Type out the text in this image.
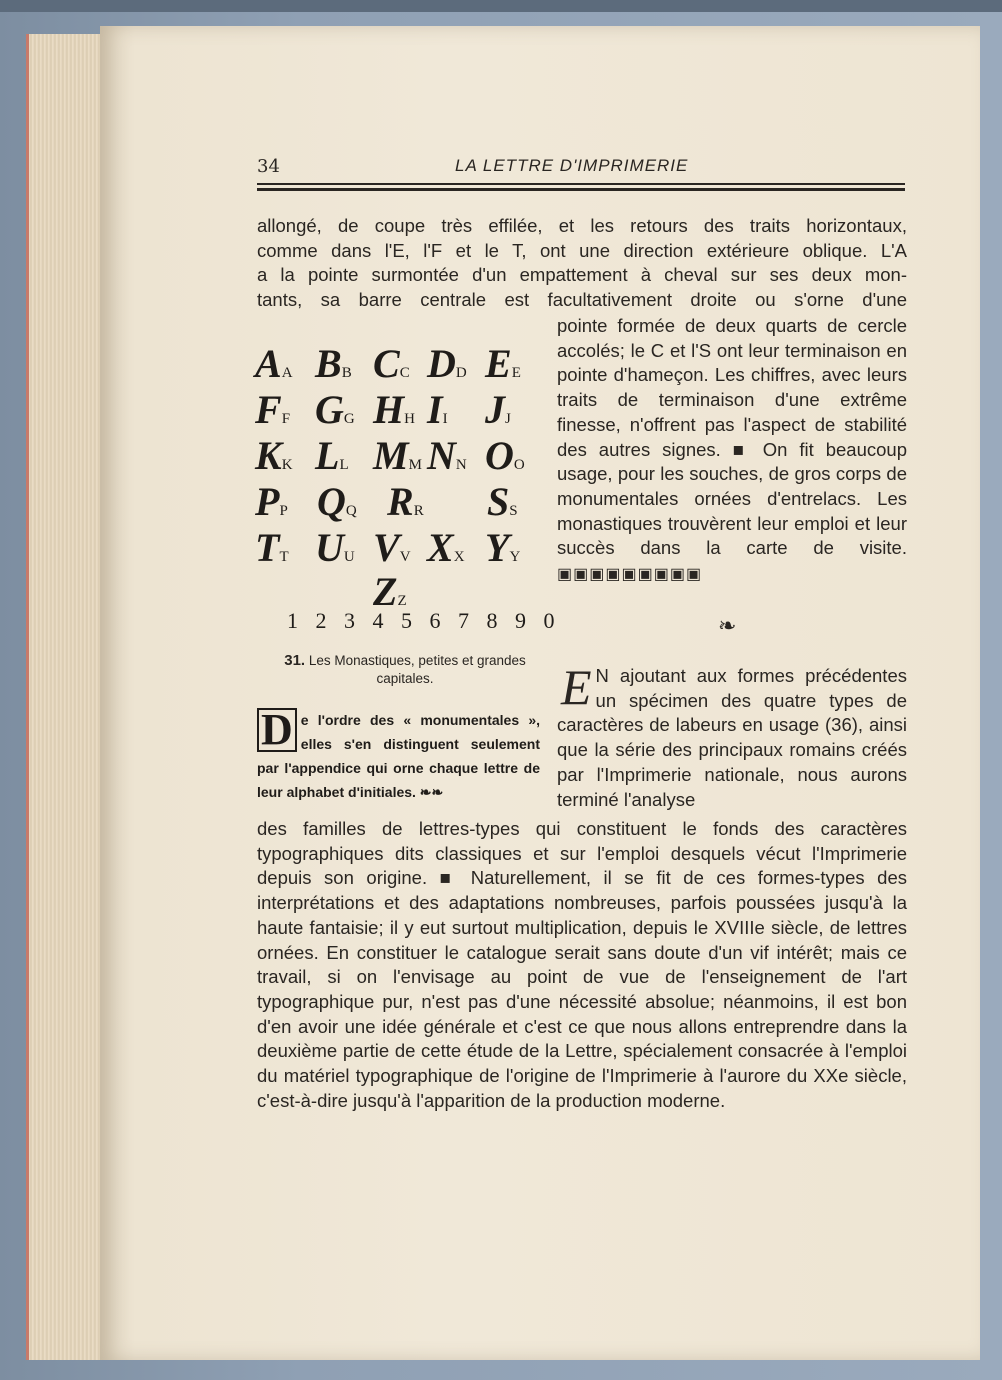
34	LA LETTRE D'IMPRIMERIE

allongé, de coupe très effilée, et les retours des traits horizontaux,

comme dans l'E, l'F et le T, ont une direction extérieure oblique. L'A

a la pointe surmontée d'un empattement à cheval sur ses deux mon-

tants, sa barre centrale est facultativement droite ou s'orne d'une

pointe formée de deux quarts de cercle accolés; le C et l'S ont leur terminaison en pointe d'hameçon. Les chiffres, avec leurs traits de terminaison d'une extrême finesse, n'offrent pas l'aspect de stabilité des autres signes. ■ On fit beaucoup usage, pour les souches, de gros corps de monumentales ornées d'entrelacs. Les monastiques trouvèrent leur emploi et leur succès dans la carte de visite. ▣▣▣▣▣▣▣▣▣

AA BB CC DD EE
FF GG HH II JJ
KK LL MM NN OO
PP QQ RR SS
TT UU VV XX YY
ZZ
1 2 3 4 5 6 7 8 9 0
31. Les Monastiques, petites et grandes capitales.
D e l'ordre des « monumentales », elles s'en distinguent seulement par l'appendice qui orne chaque lettre de leur alphabet d'initiales. ❧❧
❧
E N ajoutant aux formes précédentes un spécimen des quatre types de caractères de labeurs en usage (36), ainsi que la série des principaux romains créés par l'Imprimerie nationale, nous aurons terminé l'analyse

des familles de lettres-types qui constituent le fonds des caractères typographiques dits classiques et sur l'emploi desquels vécut l'Imprimerie depuis son origine. ■ Naturellement, il se fit de ces formes-types des interprétations et des adaptations nombreuses, parfois poussées jusqu'à la haute fantaisie; il y eut surtout multiplication, depuis le XVIIIe siècle, de lettres ornées. En constituer le catalogue serait sans doute d'un vif intérêt; mais ce travail, si on l'envisage au point de vue de l'enseignement de l'art typographique pur, n'est pas d'une nécessité absolue; néanmoins, il est bon d'en avoir une idée générale et c'est ce que nous allons entreprendre dans la deuxième partie de cette étude de la Lettre, spécialement consacrée à l'emploi du matériel typographique de l'origine de l'Imprimerie à l'aurore du XXe siècle, c'est-à-dire jusqu'à l'apparition de la production moderne.
